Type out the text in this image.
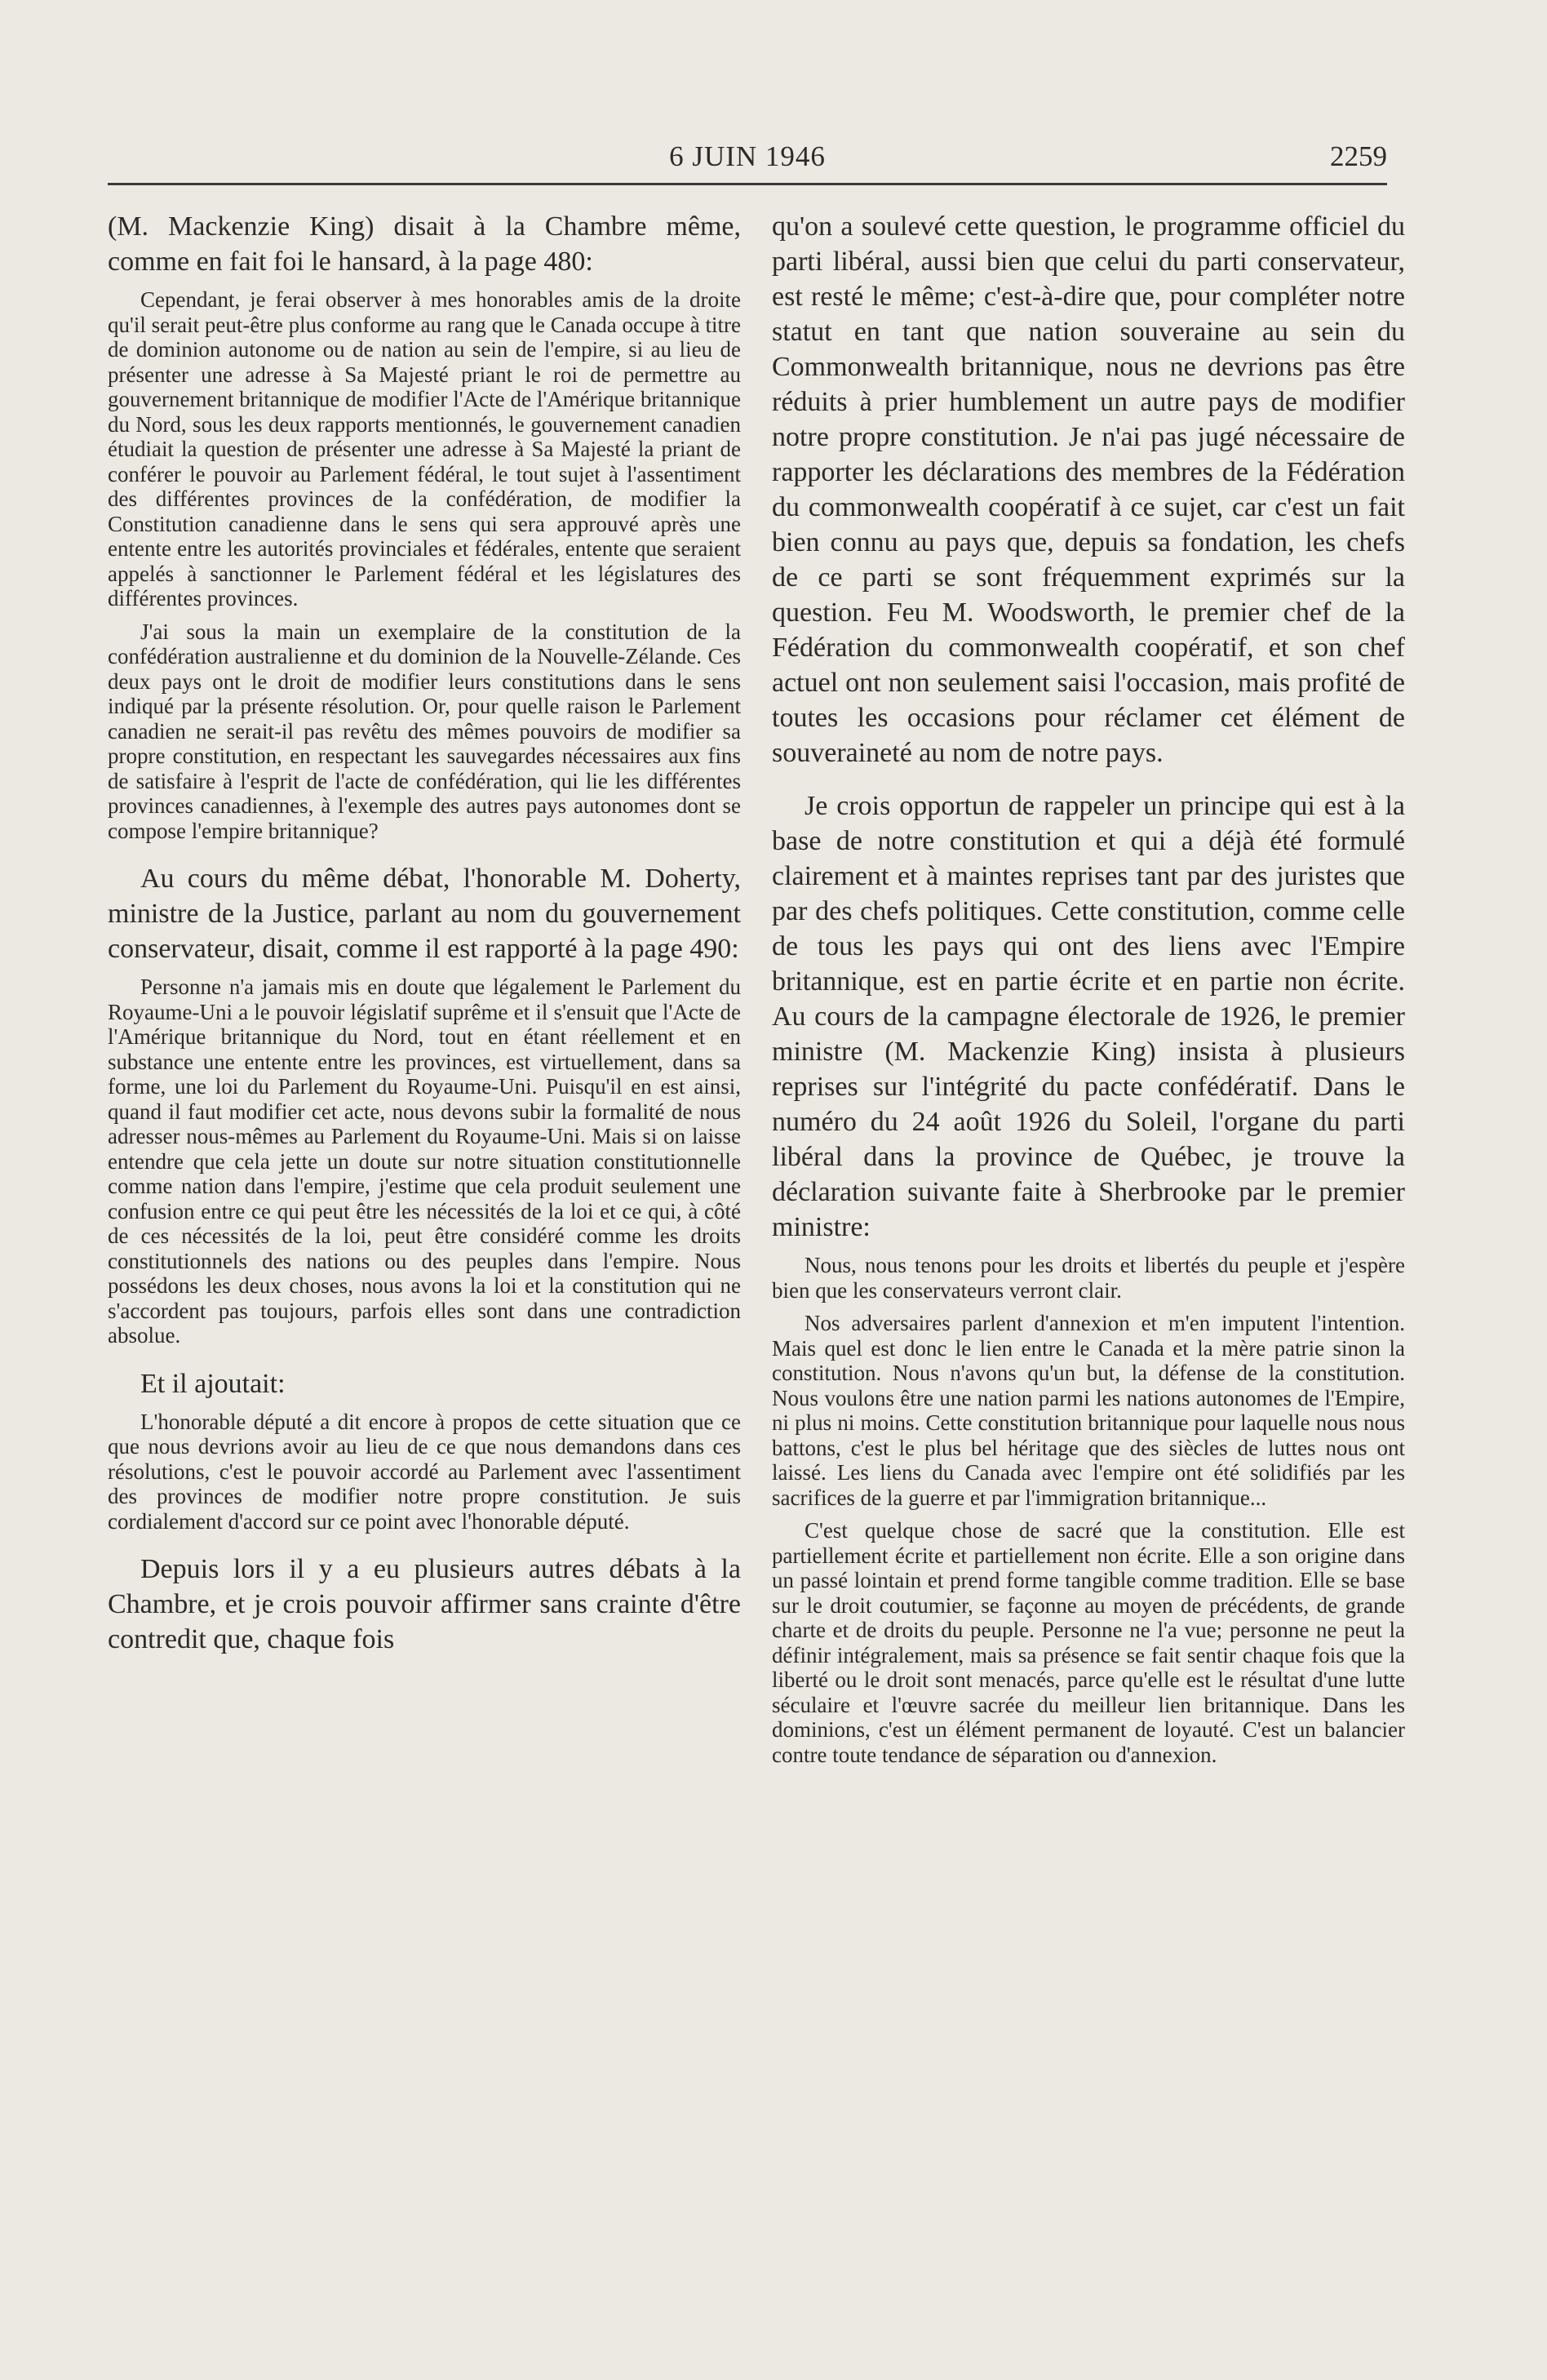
6 JUIN 1946	2259

(M. Mackenzie King) disait à la Chambre même, comme en fait foi le hansard, à la page 480:

Cependant, je ferai observer à mes honorables amis de la droite qu'il serait peut-être plus conforme au rang que le Canada occupe à titre de dominion autonome ou de nation au sein de l'empire, si au lieu de présenter une adresse à Sa Majesté priant le roi de permettre au gouvernement britannique de modifier l'Acte de l'Amérique britannique du Nord, sous les deux rapports mentionnés, le gouvernement canadien étudiait la question de présenter une adresse à Sa Majesté la priant de conférer le pouvoir au Parlement fédéral, le tout sujet à l'assentiment des différentes provinces de la confédération, de modifier la Constitution canadienne dans le sens qui sera approuvé après une entente entre les autorités provinciales et fédérales, entente que seraient appelés à sanctionner le Parlement fédéral et les législatures des différentes provinces.

J'ai sous la main un exemplaire de la constitution de la confédération australienne et du dominion de la Nouvelle-Zélande. Ces deux pays ont le droit de modifier leurs constitutions dans le sens indiqué par la présente résolution. Or, pour quelle raison le Parlement canadien ne serait-il pas revêtu des mêmes pouvoirs de modifier sa propre constitution, en respectant les sauvegardes nécessaires aux fins de satisfaire à l'esprit de l'acte de confédération, qui lie les différentes provinces canadiennes, à l'exemple des autres pays autonomes dont se compose l'empire britannique?

Au cours du même débat, l'honorable M. Doherty, ministre de la Justice, parlant au nom du gouvernement conservateur, disait, comme il est rapporté à la page 490:

Personne n'a jamais mis en doute que légalement le Parlement du Royaume-Uni a le pouvoir législatif suprême et il s'ensuit que l'Acte de l'Amérique britannique du Nord, tout en étant réellement et en substance une entente entre les provinces, est virtuellement, dans sa forme, une loi du Parlement du Royaume-Uni. Puisqu'il en est ainsi, quand il faut modifier cet acte, nous devons subir la formalité de nous adresser nous-mêmes au Parlement du Royaume-Uni. Mais si on laisse entendre que cela jette un doute sur notre situation constitutionnelle comme nation dans l'empire, j'estime que cela produit seulement une confusion entre ce qui peut être les nécessités de la loi et ce qui, à côté de ces nécessités de la loi, peut être considéré comme les droits constitutionnels des nations ou des peuples dans l'empire. Nous possédons les deux choses, nous avons la loi et la constitution qui ne s'accordent pas toujours, parfois elles sont dans une contradiction absolue.

Et il ajoutait:

L'honorable député a dit encore à propos de cette situation que ce que nous devrions avoir au lieu de ce que nous demandons dans ces résolutions, c'est le pouvoir accordé au Parlement avec l'assentiment des provinces de modifier notre propre constitution. Je suis cordialement d'accord sur ce point avec l'honorable député.

Depuis lors il y a eu plusieurs autres débats à la Chambre, et je crois pouvoir affirmer sans crainte d'être contredit que, chaque fois

qu'on a soulevé cette question, le programme officiel du parti libéral, aussi bien que celui du parti conservateur, est resté le même; c'est-à-dire que, pour compléter notre statut en tant que nation souveraine au sein du Commonwealth britannique, nous ne devrions pas être réduits à prier humblement un autre pays de modifier notre propre constitution. Je n'ai pas jugé nécessaire de rapporter les déclarations des membres de la Fédération du commonwealth coopératif à ce sujet, car c'est un fait bien connu au pays que, depuis sa fondation, les chefs de ce parti se sont fréquemment exprimés sur la question. Feu M. Woodsworth, le premier chef de la Fédération du commonwealth coopératif, et son chef actuel ont non seulement saisi l'occasion, mais profité de toutes les occasions pour réclamer cet élément de souveraineté au nom de notre pays.

Je crois opportun de rappeler un principe qui est à la base de notre constitution et qui a déjà été formulé clairement et à maintes reprises tant par des juristes que par des chefs politiques. Cette constitution, comme celle de tous les pays qui ont des liens avec l'Empire britannique, est en partie écrite et en partie non écrite. Au cours de la campagne électorale de 1926, le premier ministre (M. Mackenzie King) insista à plusieurs reprises sur l'intégrité du pacte confédératif. Dans le numéro du 24 août 1926 du Soleil, l'organe du parti libéral dans la province de Québec, je trouve la déclaration suivante faite à Sherbrooke par le premier ministre:

Nous, nous tenons pour les droits et libertés du peuple et j'espère bien que les conservateurs verront clair.

Nos adversaires parlent d'annexion et m'en imputent l'intention. Mais quel est donc le lien entre le Canada et la mère patrie sinon la constitution. Nous n'avons qu'un but, la défense de la constitution. Nous voulons être une nation parmi les nations autonomes de l'Empire, ni plus ni moins. Cette constitution britannique pour laquelle nous nous battons, c'est le plus bel héritage que des siècles de luttes nous ont laissé. Les liens du Canada avec l'empire ont été solidifiés par les sacrifices de la guerre et par l'immigration britannique...

C'est quelque chose de sacré que la constitution. Elle est partiellement écrite et partiellement non écrite. Elle a son origine dans un passé lointain et prend forme tangible comme tradition. Elle se base sur le droit coutumier, se façonne au moyen de précédents, de grande charte et de droits du peuple. Personne ne l'a vue; personne ne peut la définir intégralement, mais sa présence se fait sentir chaque fois que la liberté ou le droit sont menacés, parce qu'elle est le résultat d'une lutte séculaire et l'œuvre sacrée du meilleur lien britannique. Dans les dominions, c'est un élément permanent de loyauté. C'est un balancier contre toute tendance de séparation ou d'annexion.
